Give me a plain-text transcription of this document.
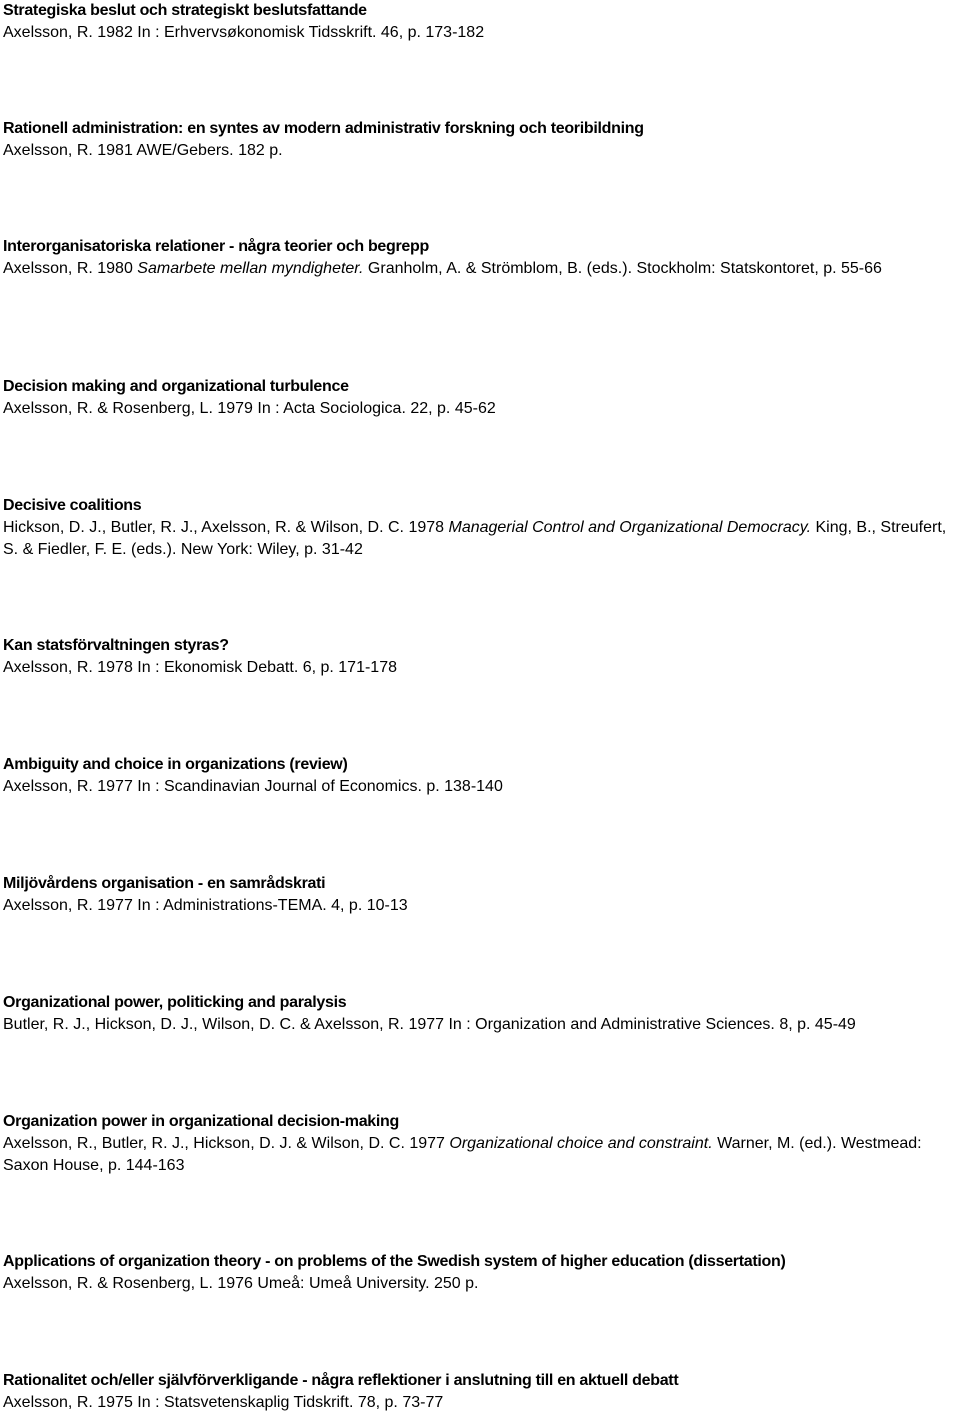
Strategiska beslut och strategiskt beslutsfattande
Axelsson, R. 1982 In : Erhvervsøkonomisk Tidsskrift. 46, p. 173-182
Rationell administration: en syntes av modern administrativ forskning och teoribildning
Axelsson, R. 1981 AWE/Gebers. 182 p.
Interorganisatoriska relationer - några teorier och begrepp
Axelsson, R. 1980 Samarbete mellan myndigheter. Granholm, A. & Strömblom, B. (eds.). Stockholm: Statskontoret, p. 55-66
Decision making and organizational turbulence
Axelsson, R. & Rosenberg, L. 1979 In : Acta Sociologica. 22, p. 45-62
Decisive coalitions
Hickson, D. J., Butler, R. J., Axelsson, R. & Wilson, D. C. 1978 Managerial Control and Organizational Democracy. King, B., Streufert, S. & Fiedler, F. E. (eds.). New York: Wiley, p. 31-42
Kan statsförvaltningen styras?
Axelsson, R. 1978 In : Ekonomisk Debatt. 6, p. 171-178
Ambiguity and choice in organizations (review)
Axelsson, R. 1977 In : Scandinavian Journal of Economics. p. 138-140
Miljövårdens organisation - en samrådskrati
Axelsson, R. 1977 In : Administrations-TEMA. 4, p. 10-13
Organizational power, politicking and paralysis
Butler, R. J., Hickson, D. J., Wilson, D. C. & Axelsson, R. 1977 In : Organization and Administrative Sciences. 8, p. 45-49
Organization power in organizational decision-making
Axelsson, R., Butler, R. J., Hickson, D. J. & Wilson, D. C. 1977 Organizational choice and constraint. Warner, M. (ed.). Westmead: Saxon House, p. 144-163
Applications of organization theory - on problems of the Swedish system of higher education (dissertation)
Axelsson, R. & Rosenberg, L. 1976 Umeå: Umeå University. 250 p.
Rationalitet och/eller självförverkligande - några reflektioner i anslutning till en aktuell debatt
Axelsson, R. 1975 In : Statsvetenskaplig Tidskrift. 78, p. 73-77
